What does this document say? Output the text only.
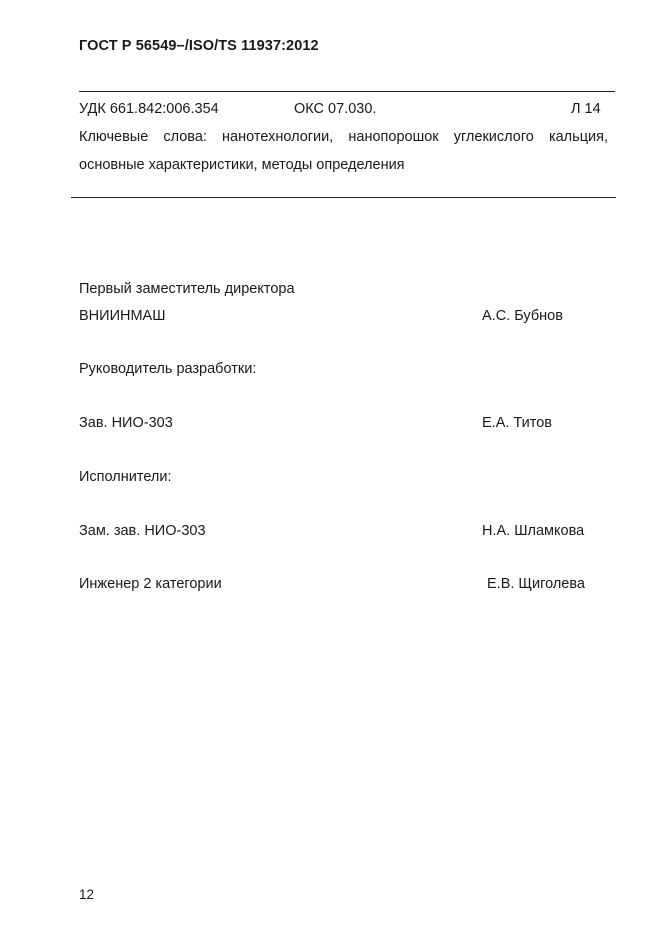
ГОСТ Р 56549–/ISO/TS 11937:2012
УДК 661.842:006.354	ОКС 07.030.	Л 14
Ключевые слова: нанотехнологии, нанопорошок углекислого кальция,
основные характеристики, методы определения
Первый заместитель директора
ВНИИНМАШ	А.С. Бубнов
Руководитель разработки:
Зав. НИО-303	Е.А. Титов
Исполнители:
Зам. зав. НИО-303	Н.А. Шламкова
Инженер 2 категории	Е.В. Щиголева
12
